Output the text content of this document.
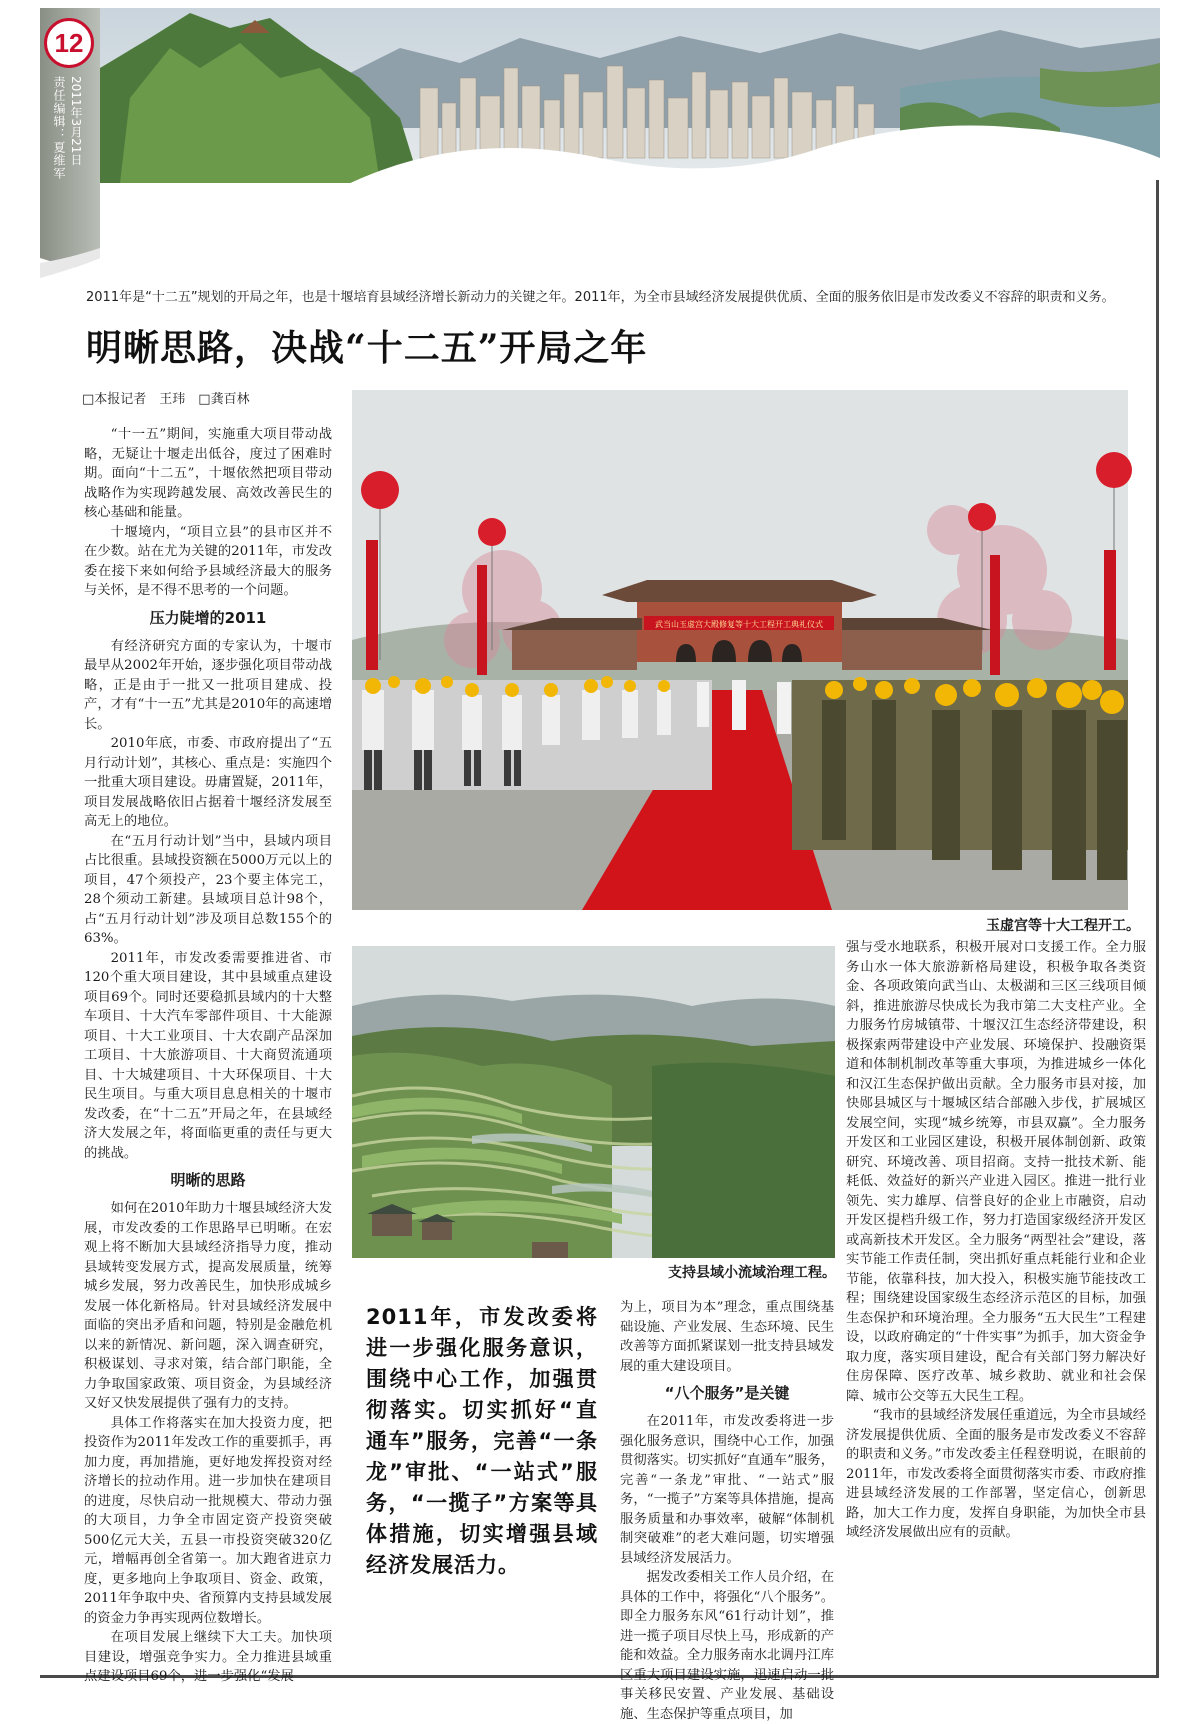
12
责任编辑：夏维军 2011年3月21日
2011年是“十二五”规划的开局之年，也是十堰培育县域经济增长新动力的关键之年。2011年，为全市县域经济发展提供优质、全面的服务依旧是市发改委义不容辞的职责和义务。
明晰思路，决战“十二五”开局之年
□本报记者　王玮　□龚百林

“十一五”期间，实施重大项目带动战略，无疑让十堰走出低谷，度过了困难时期。面向“十二五”，十堰依然把项目带动战略作为实现跨越发展、高效改善民生的核心基础和能量。

十堰境内，“项目立县”的县市区并不在少数。站在尤为关键的2011年，市发改委在接下来如何给予县域经济最大的服务与关怀，是不得不思考的一个问题。

压力陡增的2011

有经济研究方面的专家认为，十堰市最早从2002年开始，逐步强化项目带动战略，正是由于一批又一批项目建成、投产，才有“十一五”尤其是2010年的高速增长。

2010年底，市委、市政府提出了“五月行动计划”，其核心、重点是：实施四个一批重大项目建设。毋庸置疑，2011年，项目发展战略依旧占据着十堰经济发展至高无上的地位。

在“五月行动计划”当中，县域内项目占比很重。县域投资额在5000万元以上的项目，47个须投产，23个要主体完工，28个须动工新建。县域项目总计98个，占“五月行动计划”涉及项目总数155个的63%。

2011年，市发改委需要推进省、市120个重大项目建设，其中县域重点建设项目69个。同时还要稳抓县域内的十大整车项目、十大汽车零部件项目、十大能源项目、十大工业项目、十大农副产品深加工项目、十大旅游项目、十大商贸流通项目、十大城建项目、十大环保项目、十大民生项目。与重大项目息息相关的十堰市发改委，在“十二五”开局之年，在县域经济大发展之年，将面临更重的责任与更大的挑战。

明晰的思路

如何在2010年助力十堰县域经济大发展，市发改委的工作思路早已明晰。在宏观上将不断加大县域经济指导力度，推动县域转变发展方式，提高发展质量，统筹城乡发展，努力改善民生，加快形成城乡发展一体化新格局。针对县域经济发展中面临的突出矛盾和问题，特别是金融危机以来的新情况、新问题，深入调查研究，积极谋划、寻求对策，结合部门职能，全力争取国家政策、项目资金，为县域经济又好又快发展提供了强有力的支持。

具体工作将落实在加大投资力度，把投资作为2011年发改工作的重要抓手，再加力度，再加措施，更好地发挥投资对经济增长的拉动作用。进一步加快在建项目的进度，尽快启动一批规模大、带动力强的大项目，力争全市固定资产投资突破500亿元大关，五县一市投资突破320亿元，增幅再创全省第一。加大跑省进京力度，更多地向上争取项目、资金、政策，2011年争取中央、省预算内支持县域发展的资金力争再实现两位数增长。

在项目发展上继续下大工夫。加快项目建设，增强竞争实力。全力推进县域重点建设项目69个，进一步强化“发展

武当山玉虚宫大殿修复等十大工程开工典礼仪式
玉虚宫等十大工程开工。
支持县域小流域治理工程。
2011年，市发改委将进一步强化服务意识，围绕中心工作，加强贯彻落实。切实抓好“直通车”服务，完善“一条龙”审批、“一站式”服务，“一揽子”方案等具体措施，切实增强县域经济发展活力。

为上，项目为本”理念，重点围绕基础设施、产业发展、生态环境、民生改善等方面抓紧谋划一批支持县域发展的重大建设项目。

“八个服务”是关键

在2011年，市发改委将进一步强化服务意识，围绕中心工作，加强贯彻落实。切实抓好“直通车”服务，完善“一条龙”审批、“一站式”服务，“一揽子”方案等具体措施，提高服务质量和办事效率，破解“体制机制突破难”的老大难问题，切实增强县域经济发展活力。

据发改委相关工作人员介绍，在具体的工作中，将强化“八个服务”。即全力服务东风“61行动计划”，推进一揽子项目尽快上马，形成新的产能和效益。全力服务南水北调丹江库区重大项目建设实施，迅速启动一批事关移民安置、产业发展、基础设施、生态保护等重点项目，加

强与受水地联系，积极开展对口支援工作。全力服务山水一体大旅游新格局建设，积极争取各类资金、各项政策向武当山、太极湖和三区三线项目倾斜，推进旅游尽快成长为我市第二大支柱产业。全力服务竹房城镇带、十堰汉江生态经济带建设，积极探索两带建设中产业发展、环境保护、投融资渠道和体制机制改革等重大事项，为推进城乡一体化和汉江生态保护做出贡献。全力服务市县对接，加快郧县城区与十堰城区结合部融入步伐，扩展城区发展空间，实现“城乡统筹，市县双赢”。全力服务开发区和工业园区建设，积极开展体制创新、政策研究、环境改善、项目招商。支持一批技术新、能耗低、效益好的新兴产业进入园区。推进一批行业领先、实力雄厚、信誉良好的企业上市融资，启动开发区提档升级工作，努力打造国家级经济开发区或高新技术开发区。全力服务“两型社会”建设，落实节能工作责任制，突出抓好重点耗能行业和企业节能，依靠科技，加大投入，积极实施节能技改工程；围绕建设国家级生态经济示范区的目标，加强生态保护和环境治理。全力服务“五大民生”工程建设，以政府确定的“十件实事”为抓手，加大资金争取力度，落实项目建设，配合有关部门努力解决好住房保障、医疗改革、城乡救助、就业和社会保障、城市公交等五大民生工程。

“我市的县域经济发展任重道远，为全市县域经济发展提供优质、全面的服务是市发改委义不容辞的职责和义务。”市发改委主任程登明说，在眼前的2011年，市发改委将全面贯彻落实市委、市政府推进县域经济发展的工作部署，坚定信心，创新思路，加大工作力度，发挥自身职能，为加快全市县域经济发展做出应有的贡献。
